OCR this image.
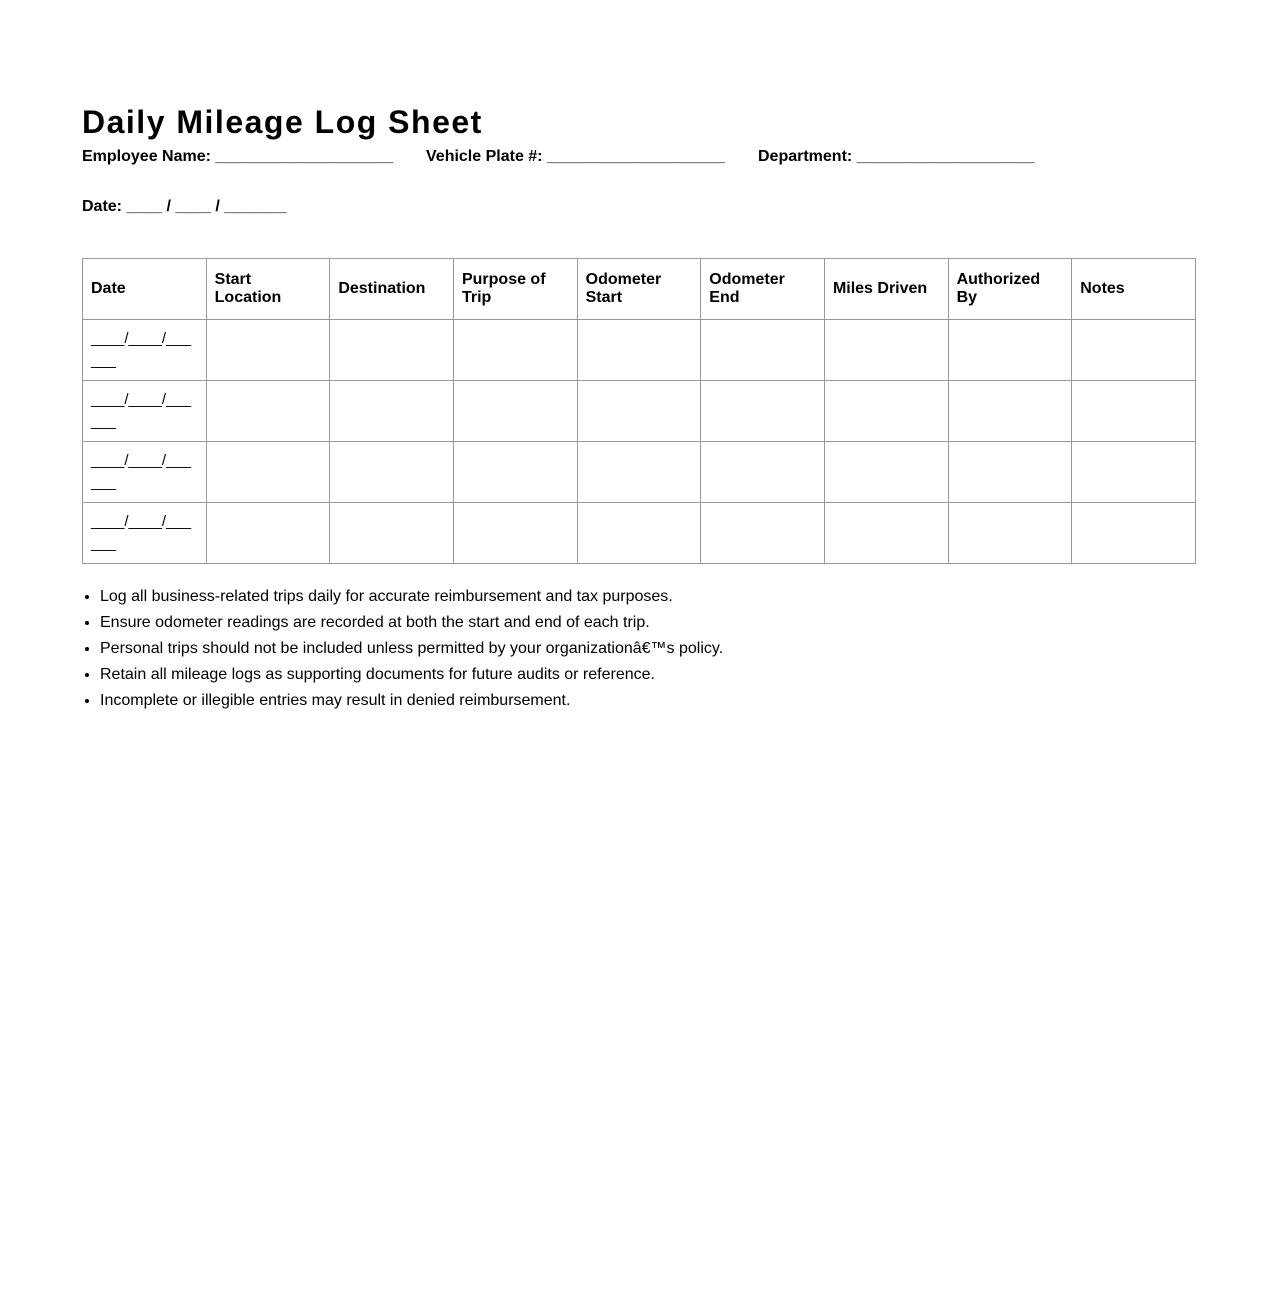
Daily Mileage Log Sheet
Employee Name: ____________________ Vehicle Plate #: ____________________ Department: ____________________
Date: ____ / ____ / _______
Date	Start Location	Destination	Purpose of Trip	Odometer Start	Odometer End	Miles Driven	Authorized By	Notes
____/____/______								
____/____/______								
____/____/______								
____/____/______								
• Log all business-related trips daily for accurate reimbursement and tax purposes.
• Ensure odometer readings are recorded at both the start and end of each trip.
• Personal trips should not be included unless permitted by your organizationâ€™s policy.
• Retain all mileage logs as supporting documents for future audits or reference.
• Incomplete or illegible entries may result in denied reimbursement.
